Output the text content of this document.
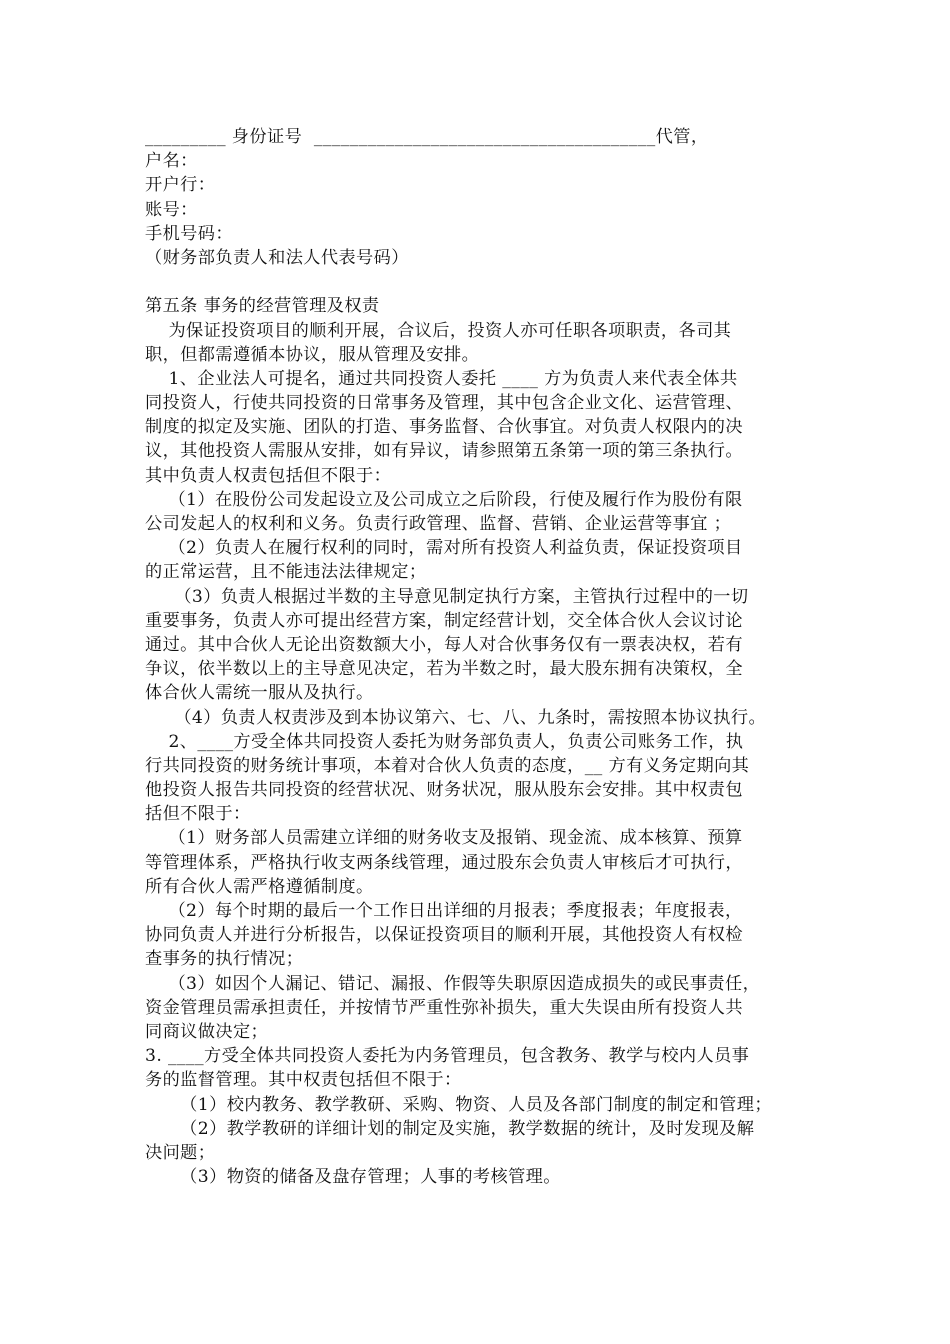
_________ 身份证号  ______________________________________代管，
户名：
开户行：
账号：
手机号码：
（财务部负责人和法人代表号码）
第五条 事务的经营管理及权责
为保证投资项目的顺利开展，合议后，投资人亦可任职各项职责，各司其
职，但都需遵循本协议，服从管理及安排。
1、企业法人可提名，通过共同投资人委托 ____ 方为负责人来代表全体共
同投资人，行使共同投资的日常事务及管理，其中包含企业文化、运营管理、
制度的拟定及实施、团队的打造、事务监督、合伙事宜。对负责人权限内的决
议，其他投资人需服从安排，如有异议，请参照第五条第一项的第三条执行。
其中负责人权责包括但不限于：
（1）在股份公司发起设立及公司成立之后阶段，行使及履行作为股份有限
公司发起人的权利和义务。负责行政管理、监督、营销、企业运营等事宜 ；
（2）负责人在履行权利的同时，需对所有投资人利益负责，保证投资项目
的正常运营，且不能违法法律规定；
（3）负责人根据过半数的主导意见制定执行方案，主管执行过程中的一切
重要事务，负责人亦可提出经营方案，制定经营计划，交全体合伙人会议讨论
通过。其中合伙人无论出资数额大小，每人对合伙事务仅有一票表决权，若有
争议，依半数以上的主导意见决定，若为半数之时，最大股东拥有决策权，全
体合伙人需统一服从及执行。
（4）负责人权责涉及到本协议第六、七、八、九条时，需按照本协议执行。
2、____方受全体共同投资人委托为财务部负责人，负责公司账务工作，执
行共同投资的财务统计事项，本着对合伙人负责的态度，__ 方有义务定期向其
他投资人报告共同投资的经营状况、财务状况，服从股东会安排。其中权责包
括但不限于：
（1）财务部人员需建立详细的财务收支及报销、现金流、成本核算、预算
等管理体系，严格执行收支两条线管理，通过股东会负责人审核后才可执行，
所有合伙人需严格遵循制度。
（2）每个时期的最后一个工作日出详细的月报表；季度报表；年度报表，
协同负责人并进行分析报告，以保证投资项目的顺利开展，其他投资人有权检
查事务的执行情况；
（3）如因个人漏记、错记、漏报、作假等失职原因造成损失的或民事责任，
资金管理员需承担责任，并按情节严重性弥补损失，重大失误由所有投资人共
同商议做决定；
3. ____方受全体共同投资人委托为内务管理员，包含教务、教学与校内人员事
务的监督管理。其中权责包括但不限于：
（1）校内教务、教学教研、采购、物资、人员及各部门制度的制定和管理；
（2）教学教研的详细计划的制定及实施，教学数据的统计，及时发现及解
决问题；
（3）物资的储备及盘存管理；人事的考核管理。
